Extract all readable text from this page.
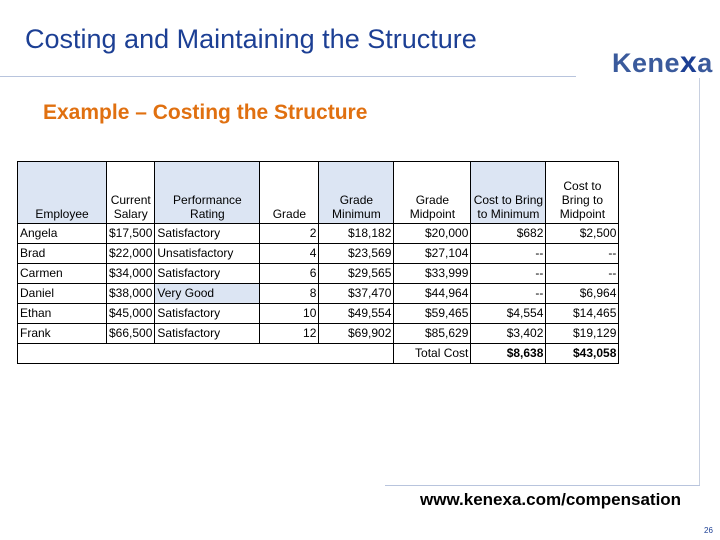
Costing and Maintaining the Structure
Kenexa
Example – Costing the Structure
Employee	Current Salary	Performance Rating	Grade	Grade Minimum	Grade Midpoint	Cost to Bring to Minimum	Cost to Bring to Midpoint
Angela	$17,500	Satisfactory	2	$18,182	$20,000	$682	$2,500
Brad	$22,000	Unsatisfactory	4	$23,569	$27,104	--	--
Carmen	$34,000	Satisfactory	6	$29,565	$33,999	--	--
Daniel	$38,000	Very Good	8	$37,470	$44,964	--	$6,964
Ethan	$45,000	Satisfactory	10	$49,554	$59,465	$4,554	$14,465
Frank	$66,500	Satisfactory	12	$69,902	$85,629	$3,402	$19,129
					Total Cost	$8,638	$43,058
www.kenexa.com/compensation
26
